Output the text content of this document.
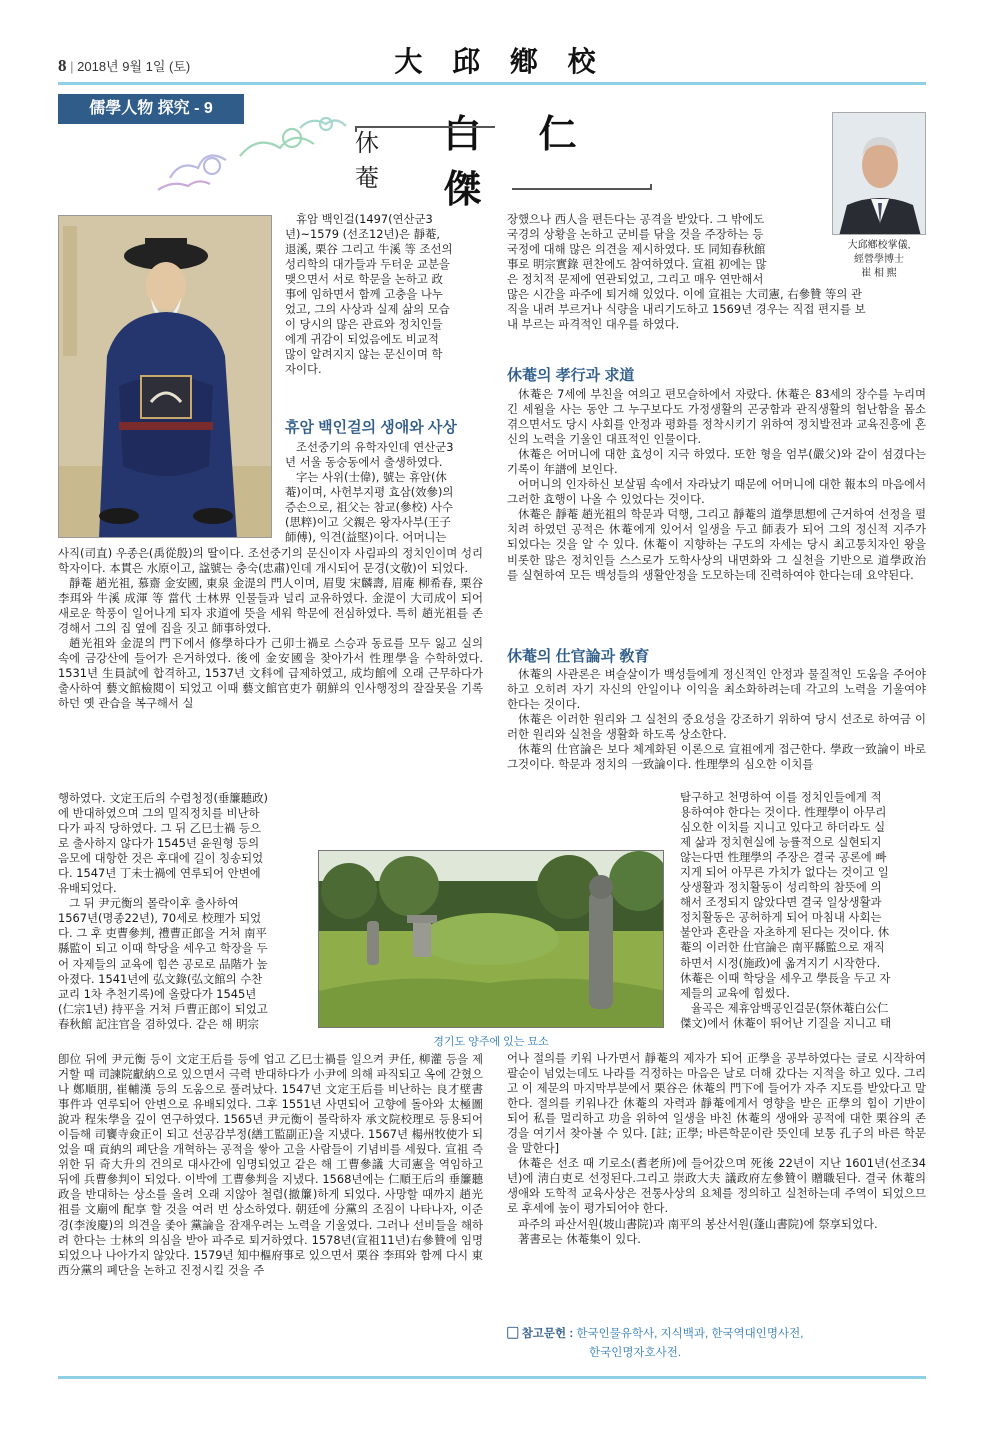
8 | 2018년 9월 1일 (토)	大 邱 鄕 校
儒學人物 探究 - 9
休 菴
白 仁 傑
大邱鄕校掌儀,
經營學博士
崔 相 熙
휴암 백인걸(1497(연산군3
년)~1579 (선조12년)은 靜菴,
退溪, 栗谷 그리고 牛溪 等 조선의
성리학의 대가들과 두터운 교분을
맺으면서 서로 학문을 논하고 政
事에 임하면서 함께 고충을 나누
었고, 그의 사상과 실제 삶의 모습
이 당시의 많은 관료와 정치인들
에게 귀감이 되었음에도 비교적
많이 알려지지 않는 문신이며 학
자이다.
휴암 백인걸의 생애와 사상
조선중기의 유학자인데 연산군3
년 서울 동숭동에서 출생하였다.
字는 사위(士偉), 號는 휴암(休
菴)이며, 사헌부지평 효삼(效參)의
증손으로, 祖父는 참교(參校) 사수
(思粹)이고 父親은 왕자사부(王子
師傅), 익견(益堅)이다. 어머니는

사직(司直) 우종은(禹從殷)의 딸이다. 조선중기의 문신이자 사림파의 정치인이며 성리학자이다. 本貫은 水原이고, 諡號는 충숙(忠肅)인데 개시되어 문경(文敬)이 되었다.

靜菴 趙光祖, 慕齋 金安國, 東泉 金湜의 門人이며, 眉叟 宋麟壽, 眉庵 柳希春, 栗谷 李珥와 牛溪 成渾 等 當代 士林界 인물들과 널리 교유하였다. 金湜이 大司成이 되어 새로운 학풍이 일어나게 되자 求道에 뜻을 세워 학문에 전심하였다. 특히 趙光祖를 존경해서 그의 집 옆에 집을 짓고 師事하였다.

趙光祖와 金湜의 門下에서 修學하다가 己卯士禍로 스승과 동료를 모두 잃고 실의 속에 금강산에 들어가 은거하였다. 後에 金安國을 찾아가서 性理學을 수학하였다. 1531년 生員試에 합격하고, 1537년 文科에 급제하였고, 成均館에 오래 근무하다가 출사하여 藝文館檢閱이 되었고 이때 藝文館官吏가 朝鮮의 인사행정의 잘잘못을 기록하던 옛 관습을 복구해서 실

행하였다. 文定王后의 수렴청정(垂簾聽政)
에 반대하였으며 그의 밀직정치를 비난하
다가 파직 당하였다. 그 뒤 乙巳士禍 등으
로 출사하지 않다가 1545년 윤원형 등의
음모에 대항한 것은 후대에 길이 칭송되었
다. 1547년 丁未士禍에 연루되어 안변에
유배되었다.
그 뒤 尹元衡의 몰락이후 출사하여
1567년(명종22년), 70세로 校理가 되었
다. 그 후 吏曹參判, 禮曹正郎을 거쳐 南平
縣監이 되고 이때 학당을 세우고 학장을 두
어 자제들의 교육에 힘쓴 공로로 品階가 높
아졌다. 1541년에 弘文錄(弘文館의 수찬
교리 1차 추천기록)에 올랐다가 1545년
(仁宗1년) 持平을 거쳐 戶曹正郎이 되었고
春秋館 記注官을 겸하였다. 같은 해 明宗

卽位 뒤에 尹元衡 등이 文定王后를 등에 업고 乙巳士禍를 일으켜 尹任, 柳灌 등을 제거할 때 司諫院獻納으로 있으면서 극력 반대하다가 小尹에 의해 파직되고 옥에 갇혔으나 鄭順朋, 崔輔漢 등의 도움으로 풀려났다. 1547년 文定王后를 비난하는 良才壁書事件과 연루되어 안변으로 유배되었다. 그후 1551년 사면되어 고향에 돌아와 太極圖說과 程朱學을 깊이 연구하였다. 1565년 尹元衡이 몰락하자 承文院校理로 등용되어 이듬해 司饔寺僉正이 되고 선공감부정(繕工監副正)을 지냈다. 1567년 楊州牧使가 되었을 때 貢納의 폐단을 개혁하는 공적을 쌓아 고을 사람들이 기념비를 세웠다. 宣祖 즉위한 뒤 奇大升의 건의로 대사간에 임명되었고 같은 해 工曹參議 大司憲을 역임하고 뒤에 兵曹參判이 되었다. 이박에 工曹參判을 지냈다. 1568년에는 仁順王后의 垂簾聽政을 반대하는 상소를 올려 오래 지않아 철렴(撤簾)하게 되었다. 사망할 때까지 趙光祖를 文廟에 配享 할 것을 여러 번 상소하였다. 朝廷에 分黨의 조짐이 나타나자, 이준경(李浚慶)의 의견을 좇아 黨論을 잠재우려는 노력을 기울였다. 그러나 선비들을 해하려 한다는 士林의 의심을 받아 파주로 퇴거하였다. 1578년(宣祖11년)右參贊에 임명되었으나 나아가지 않았다. 1579년 知中樞府事로 있으면서 栗谷 李珥와 함께 다시 東西分黨의 폐단을 논하고 진정시킬 것을 주

장했으나 西人을 편든다는 공격을 받았다. 그 밖에도
국경의 상황을 논하고 군비를 닦을 것을 주장하는 등
국정에 대해 많은 의견을 제시하였다. 또 同知春秋館
事로 明宗實錄 편찬에도 참여하였다. 宣祖 初에는 많
은 정치적 문제에 연관되었고, 그리고 매우 연만해서
많은 시간을 파주에 퇴거해 있었다. 이에 宣祖는 大司憲, 右參贊 等의 관
직을 내려 부르거나 식량을 내리기도하고 1569년 경우는 직접 편지를 보
내 부르는 파격적인 대우를 하였다.
休菴의 孝行과 求道

休菴은 7세에 부친을 여의고 편모슬하에서 자랐다. 休菴은 83세의 장수를 누리며 긴 세월을 사는 동안 그 누구보다도 가정생활의 곤궁함과 관직생활의 험난함을 몸소 겪으면서도 당시 사회를 안정과 평화를 정착시키기 위하여 정치발전과 교육진흥에 혼신의 노력을 기울인 대표적인 인물이다.

休菴은 어머니에 대한 효성이 지극 하였다. 또한 형을 엄부(嚴父)와 같이 섬겼다는 기록이 年譜에 보인다.

어머니의 인자하신 보살핌 속에서 자라났기 때문에 어머니에 대한 報本의 마음에서 그러한 효행이 나올 수 있었다는 것이다.

休菴은 靜菴 趙光祖의 학문과 덕행, 그리고 靜菴의 道學思想에 근거하여 선정을 펼치려 하였던 공적은 休菴에게 있어서 일생을 두고 師表가 되어 그의 정신적 지주가 되었다는 것을 알 수 있다. 休菴이 지향하는 구도의 자세는 당시 최고통치자인 왕을 비롯한 많은 정치인들 스스로가 도학사상의 내면화와 그 실천을 기반으로 道學政治를 실현하여 모든 백성들의 생활안정을 도모하는데 진력하여야 한다는데 요약된다.

休菴의 仕官論과 敎育

休菴의 사관론은 벼슬살이가 백성들에게 정신적인 안정과 물질적인 도움을 주어야하고 오히려 자기 자신의 안일이나 이익을 최소화하려는데 각고의 노력을 기울여야 한다는 것이다.

休菴은 이러한 원리와 그 실천의 중요성을 강조하기 위하여 당시 선조로 하여금 이러한 원리와 실천을 생활화 하도록 상소한다.

休菴의 仕官論은 보다 체계화된 이론으로 宣祖에게 접근한다. 學政一致論이 바로 그것이다. 학문과 정치의 一致論이다. 性理學의 심오한 이치를

탐구하고 천명하여 이를 정치인들에게 적
용하여야 한다는 것이다. 性理學이 아무리
심오한 이치를 지니고 있다고 하더라도 실
제 삶과 정치현실에 능률적으로 실현되지
않는다면 性理學의 주장은 결국 공론에 빠
지게 되어 아무른 가치가 없다는 것이고 일
상생활과 정치활동이 성리학의 참뜻에 의
해서 조정되지 않았다면 결국 일상생활과
정치활동은 공허하게 되어 마침내 사회는
불안과 혼란을 자초하게 된다는 것이다. 休
菴의 이러한 仕官論은 南平縣監으로 재직
하면서 시정(施政)에 옮겨지기 시작한다.
休菴은 이때 학당을 세우고 學長을 두고 자
제들의 교육에 힘썼다.
율곡은 제휴암백공인걸문(祭休菴白公仁
傑文)에서 休菴이 뛰어난 기질을 지니고 태

어나 절의를 키워 나가면서 靜菴의 제자가 되어 正學을 공부하였다는 글로 시작하여 팔순이 넘었는데도 나라를 걱정하는 마음은 날로 더해 갔다는 지적을 하고 있다. 그리고 이 제문의 마지막부분에서 栗谷은 休菴의 門下에 들어가 자주 지도를 받았다고 말한다. 절의를 키워나간 休菴의 자력과 靜菴에게서 영향을 받은 正學의 힘이 기반이 되어 私를 멀리하고 功을 위하여 일생을 바친 休菴의 생애와 공적에 대한 栗谷의 존경을 여기서 찾아볼 수 있다. [註; 正學; 바른학문이란 뜻인데 보통 孔子의 바른 학문을 말한다]

休菴은 선조 때 기로소(耆老所)에 들어갔으며 死後 22년이 지난 1601년(선조34년)에 淸白吏로 선정된다.그리고 崇政大夫 議政府左參贊이 贈職된다. 결국 休菴의 생애와 도학적 교육사상은 전통사상의 요체를 정의하고 실천하는데 주역이 되었으므로 후세에 높이 평가되어야 한다.

파주의 파산서원(坡山書院)과 南平의 봉산서원(蓬山書院)에 祭享되었다.

著書로는 休菴集이 있다.

경기도 양주에 있는 묘소
▢ 참고문헌 : 한국인물유학사, 지식백과, 한국역대인명사전,
한국인명자호사전.
